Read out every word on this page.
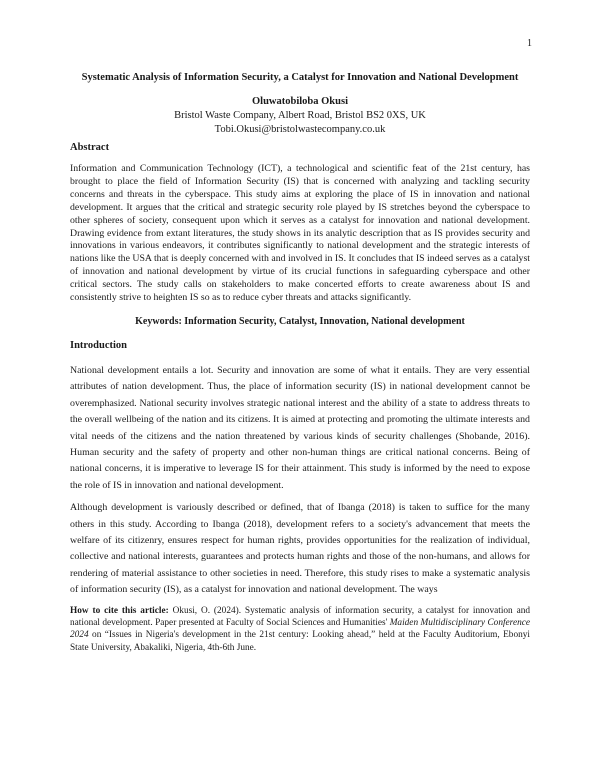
1
Systematic Analysis of Information Security, a Catalyst for Innovation and National Development
Oluwatobiloba Okusi
Bristol Waste Company, Albert Road, Bristol BS2 0XS, UK
Tobi.Okusi@bristolwastecompany.co.uk
Abstract

Information and Communication Technology (ICT), a technological and scientific feat of the 21st century, has brought to place the field of Information Security (IS) that is concerned with analyzing and tackling security concerns and threats in the cyberspace. This study aims at exploring the place of IS in innovation and national development. It argues that the critical and strategic security role played by IS stretches beyond the cyberspace to other spheres of society, consequent upon which it serves as a catalyst for innovation and national development. Drawing evidence from extant literatures, the study shows in its analytic description that as IS provides security and innovations in various endeavors, it contributes significantly to national development and the strategic interests of nations like the USA that is deeply concerned with and involved in IS. It concludes that IS indeed serves as a catalyst of innovation and national development by virtue of its crucial functions in safeguarding cyberspace and other critical sectors. The study calls on stakeholders to make concerted efforts to create awareness about IS and consistently strive to heighten IS so as to reduce cyber threats and attacks significantly.

Keywords: Information Security, Catalyst, Innovation, National development
Introduction

National development entails a lot. Security and innovation are some of what it entails. They are very essential attributes of nation development. Thus, the place of information security (IS) in national development cannot be overemphasized. National security involves strategic national interest and the ability of a state to address threats to the overall wellbeing of the nation and its citizens. It is aimed at protecting and promoting the ultimate interests and vital needs of the citizens and the nation threatened by various kinds of security challenges (Shobande, 2016). Human security and the safety of property and other non-human things are critical national concerns. Being of national concerns, it is imperative to leverage IS for their attainment. This study is informed by the need to expose the role of IS in innovation and national development.

Although development is variously described or defined, that of Ibanga (2018) is taken to suffice for the many others in this study. According to Ibanga (2018), development refers to a society's advancement that meets the welfare of its citizenry, ensures respect for human rights, provides opportunities for the realization of individual, collective and national interests, guarantees and protects human rights and those of the non-humans, and allows for rendering of material assistance to other societies in need. Therefore, this study rises to make a systematic analysis of information security (IS), as a catalyst for innovation and national development. The ways

How to cite this article: Okusi, O. (2024). Systematic analysis of information security, a catalyst for innovation and national development. Paper presented at Faculty of Social Sciences and Humanities' Maiden Multidisciplinary Conference 2024 on “Issues in Nigeria's development in the 21st century: Looking ahead,” held at the Faculty Auditorium, Ebonyi State University, Abakaliki, Nigeria, 4th-6th June.
